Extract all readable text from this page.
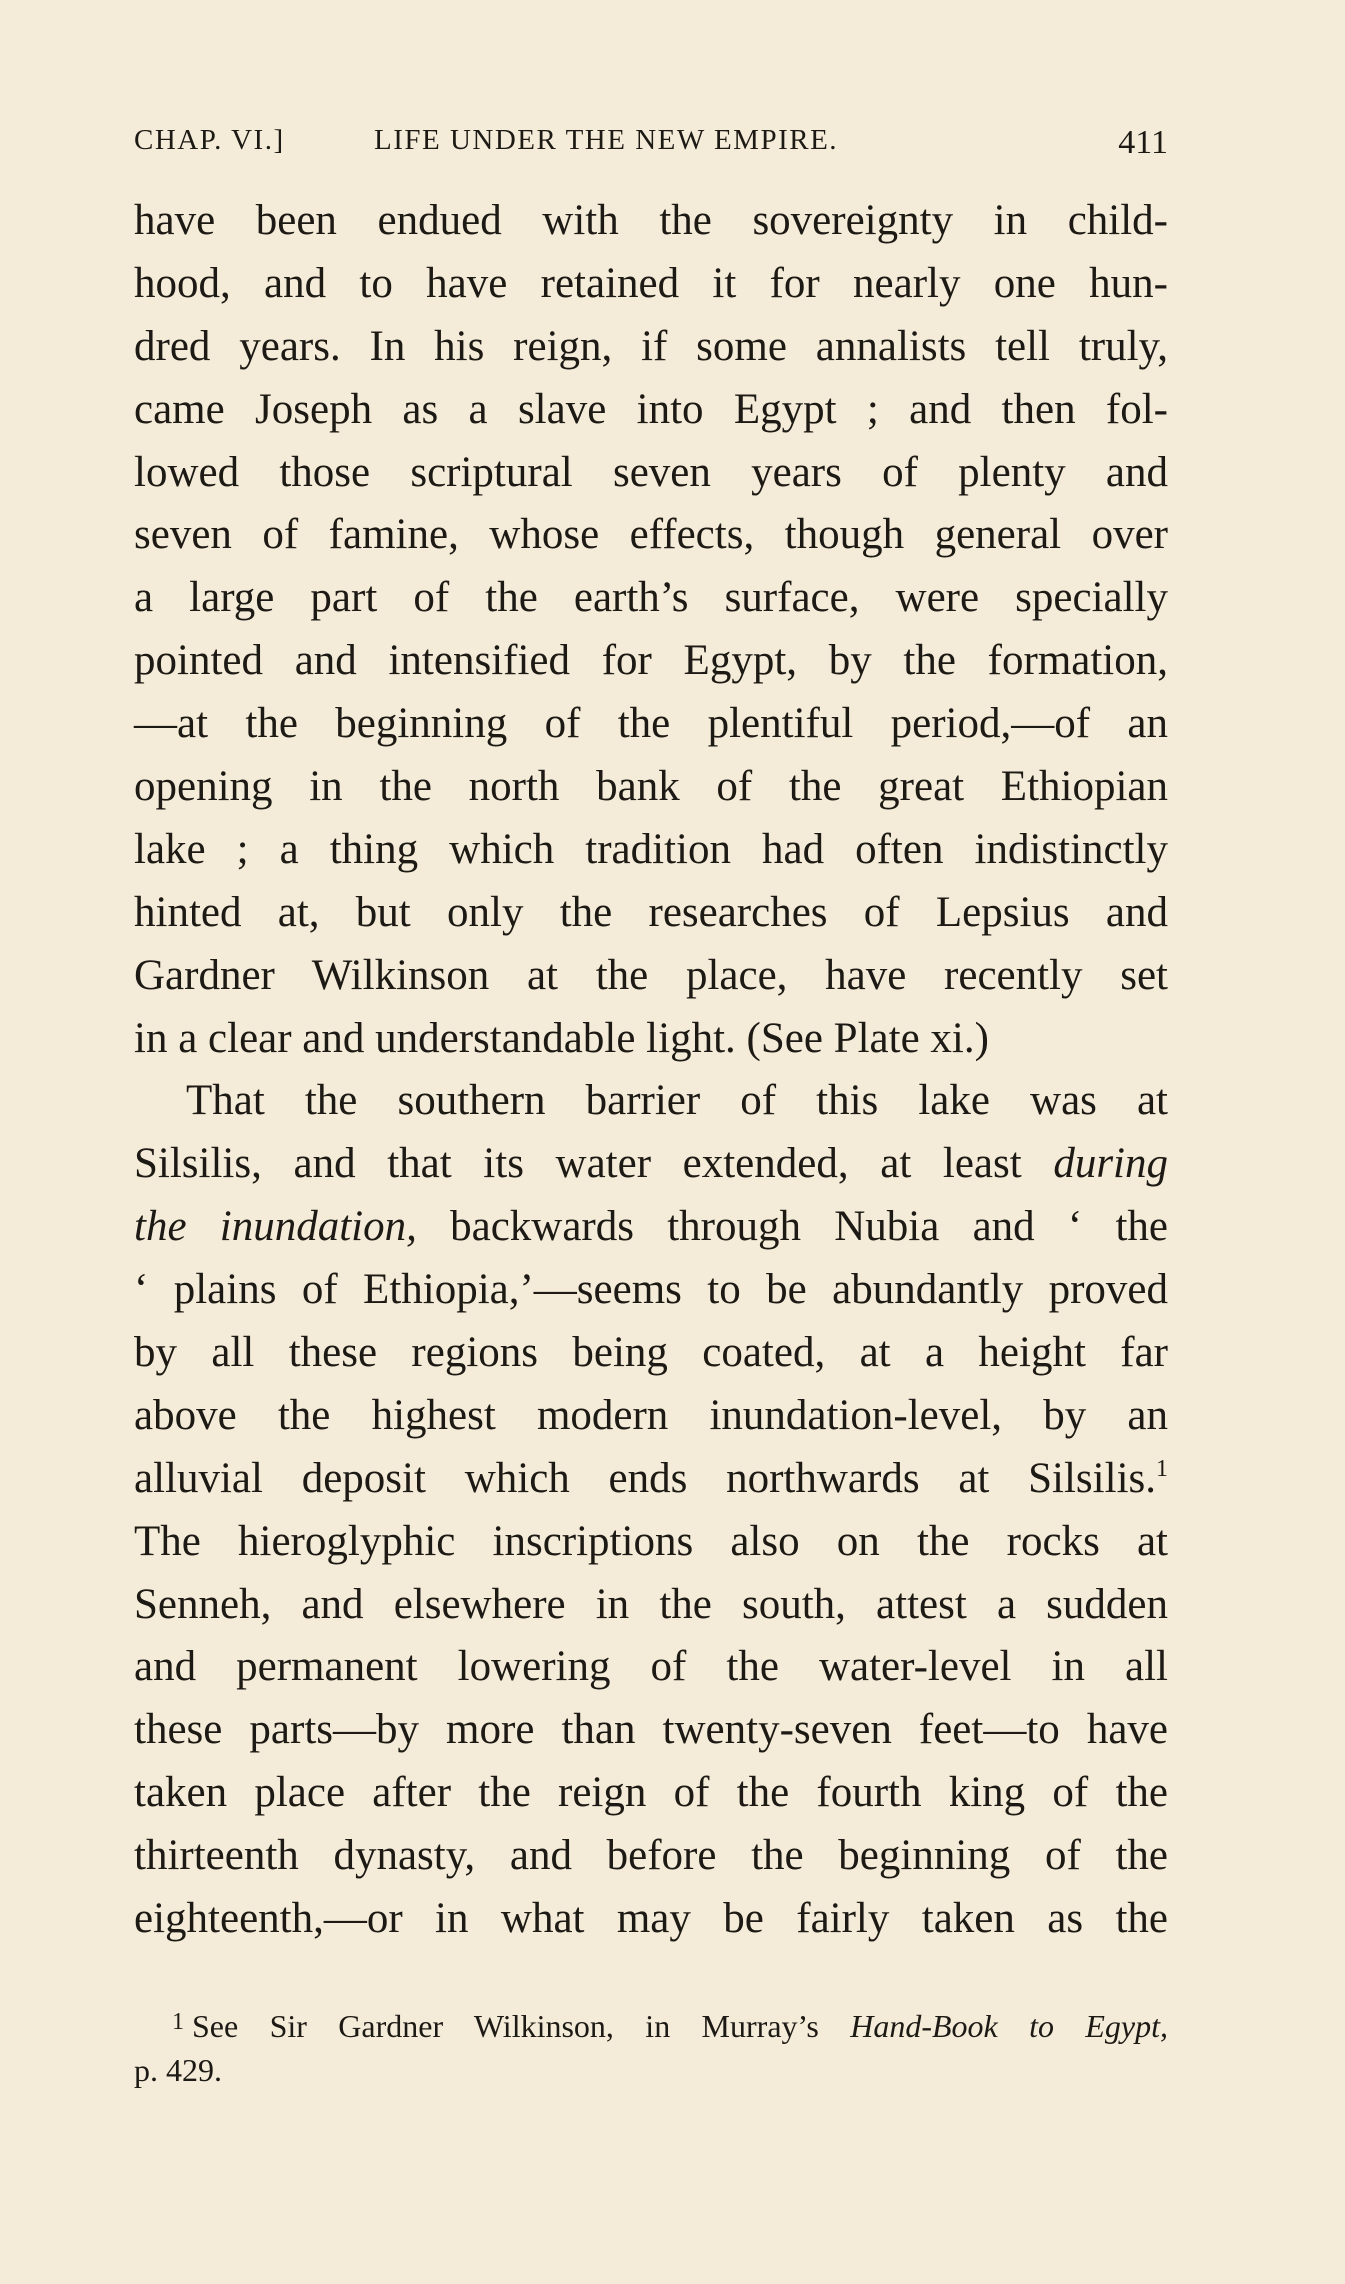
CHAP. VI.]	LIFE UNDER THE NEW EMPIRE.	411
have been endued with the sovereignty in child-
hood, and to have retained it for nearly one hun-
dred years. In his reign, if some annalists tell truly,
came Joseph as a slave into Egypt ; and then fol-
lowed those scriptural seven years of plenty and
seven of famine, whose effects, though general over
a large part of the earth’s surface, were specially
pointed and intensified for Egypt, by the formation,
—at the beginning of the plentiful period,—of an
opening in the north bank of the great Ethiopian
lake ; a thing which tradition had often indistinctly
hinted at, but only the researches of Lepsius and
Gardner Wilkinson at the place, have recently set
in a clear and understandable light. (See Plate xi.)
That the southern barrier of this lake was at
Silsilis, and that its water extended, at least during
the inundation, backwards through Nubia and ‘ the
‘ plains of Ethiopia,’—seems to be abundantly proved
by all these regions being coated, at a height far
above the highest modern inundation-level, by an
alluvial deposit which ends northwards at Silsilis.$^1$
The hieroglyphic inscriptions also on the rocks at
Senneh, and elsewhere in the south, attest a sudden
and permanent lowering of the water-level in all
these parts—by more than twenty-seven feet—to have
taken place after the reign of the fourth king of the
thirteenth dynasty, and before the beginning of the
eighteenth,—or in what may be fairly taken as the
$^1$ See Sir Gardner Wilkinson, in Murray’s Hand-Book to Egypt,
p. 429.
